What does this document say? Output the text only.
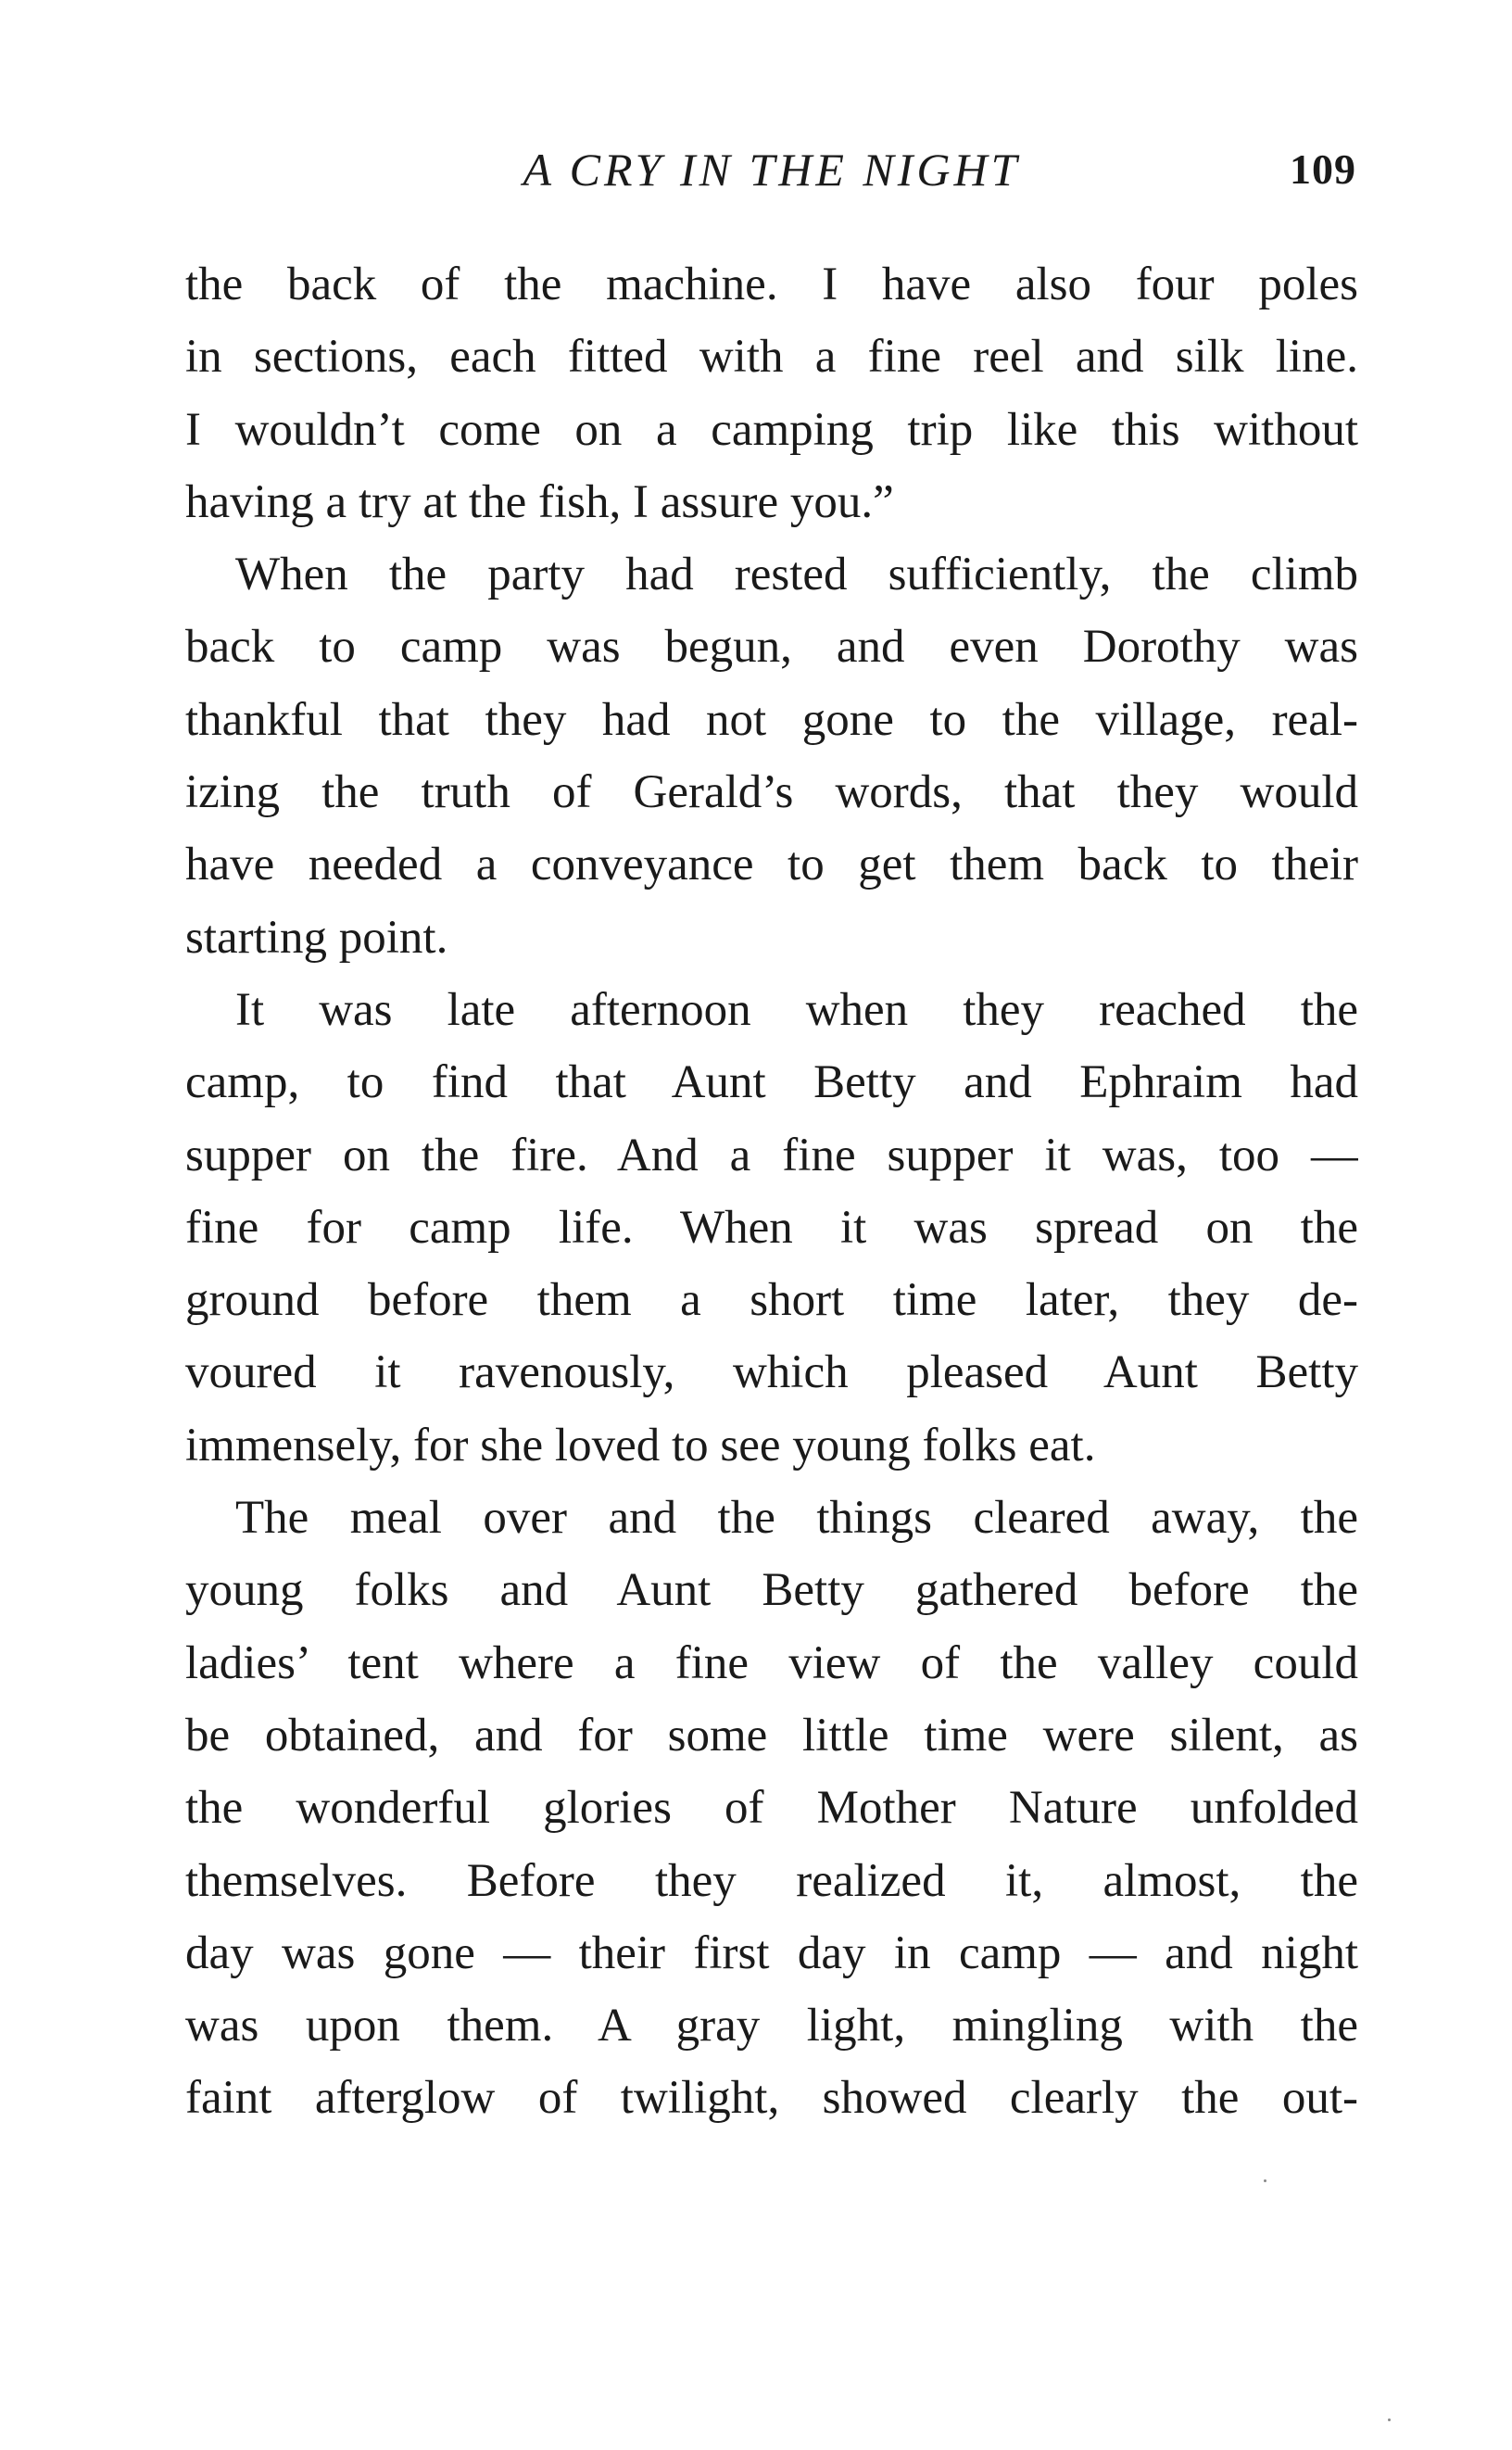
A CRY IN THE NIGHT	109
the back of the machine. I have also four poles
in sections, each fitted with a fine reel and silk line.
I wouldn’t come on a camping trip like this without
having a try at the fish, I assure you.”
When the party had rested sufficiently, the climb
back to camp was begun, and even Dorothy was
thankful that they had not gone to the village, real-
izing the truth of Gerald’s words, that they would
have needed a conveyance to get them back to their
starting point.
It was late afternoon when they reached the
camp, to find that Aunt Betty and Ephraim had
supper on the fire. And a fine supper it was, too —
fine for camp life. When it was spread on the
ground before them a short time later, they de-
voured it ravenously, which pleased Aunt Betty
immensely, for she loved to see young folks eat.
The meal over and the things cleared away, the
young folks and Aunt Betty gathered before the
ladies’ tent where a fine view of the valley could
be obtained, and for some little time were silent, as
the wonderful glories of Mother Nature unfolded
themselves. Before they realized it, almost, the
day was gone — their first day in camp — and night
was upon them. A gray light, mingling with the
faint afterglow of twilight, showed clearly the out-
